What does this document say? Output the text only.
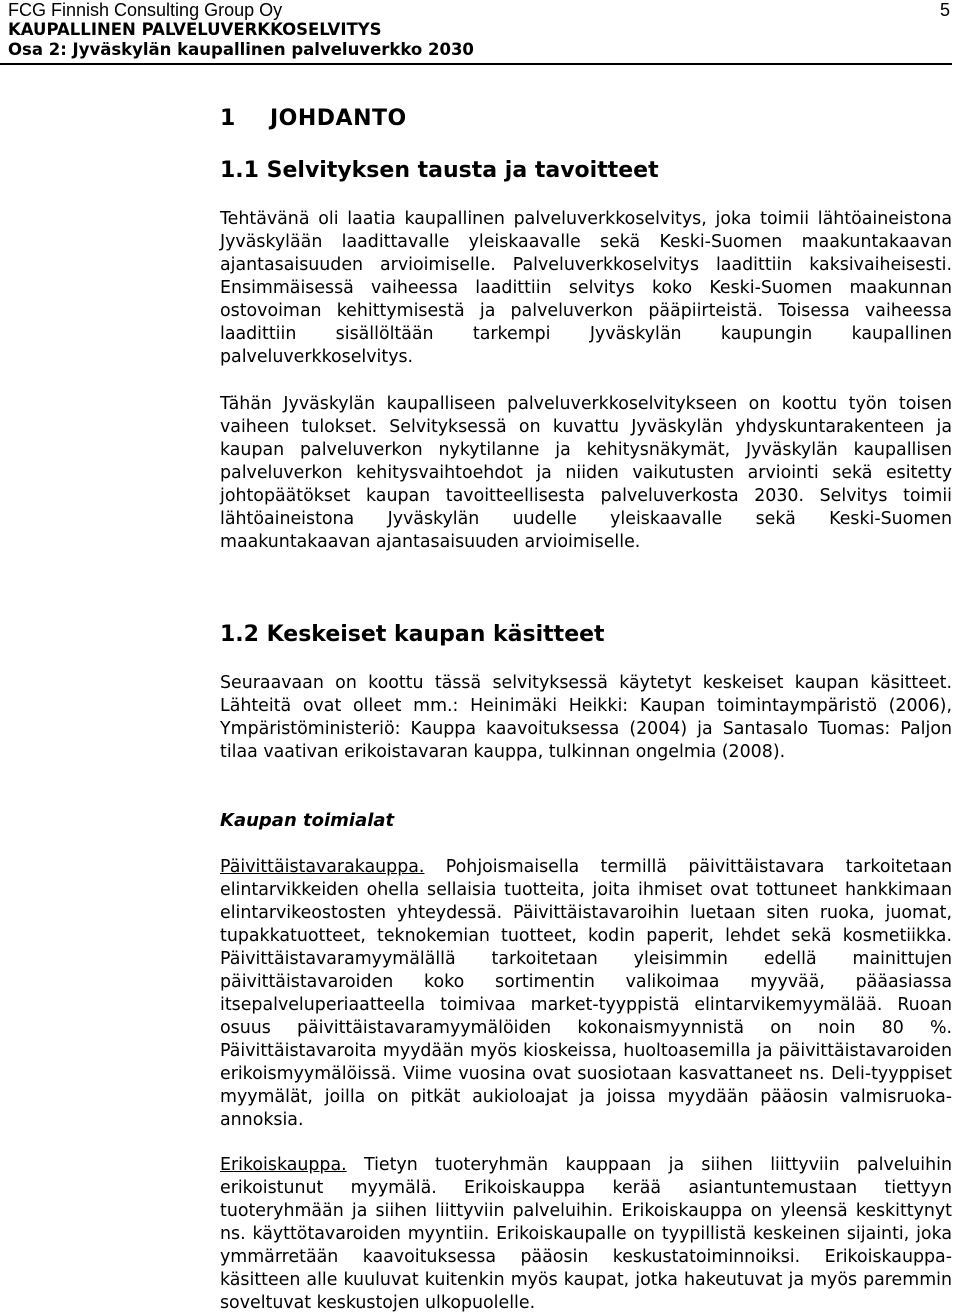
FCG Finnish Consulting Group Oy
KAUPALLINEN PALVELUVERKKOSELVITYS
Osa 2: Jyväskylän kaupallinen palveluverkko 2030
5
1 JOHDANTO
1.1 Selvityksen tausta ja tavoitteet

Tehtävänä oli laatia kaupallinen palveluverkkoselvitys, joka toimii lähtöaineistona Jyväskylään laadittavalle yleiskaavalle sekä Keski-Suomen maakuntakaavan ajantasaisuuden arvioimiselle. Palveluverkkoselvitys laadittiin kaksivaiheisesti. Ensimmäisessä vaiheessa laadittiin selvitys koko Keski-Suomen maakunnan ostovoiman kehittymisestä ja palveluverkon pääpiirteistä. Toisessa vaiheessa laadittiin sisällöltään tarkempi Jyväskylän kaupungin kaupallinen palveluverkkoselvitys.

Tähän Jyväskylän kaupalliseen palveluverkkoselvitykseen on koottu työn toisen vaiheen tulokset. Selvityksessä on kuvattu Jyväskylän yhdyskuntarakenteen ja kaupan palveluverkon nykytilanne ja kehitysnäkymät, Jyväskylän kaupallisen palveluverkon kehitysvaihtoehdot ja niiden vaikutusten arviointi sekä esitetty johtopäätökset kaupan tavoitteellisesta palveluverkosta 2030. Selvitys toimii lähtöaineistona Jyväskylän uudelle yleiskaavalle sekä Keski-Suomen maakuntakaavan ajantasaisuuden arvioimiselle.

1.2 Keskeiset kaupan käsitteet

Seuraavaan on koottu tässä selvityksessä käytetyt keskeiset kaupan käsitteet. Lähteitä ovat olleet mm.: Heinimäki Heikki: Kaupan toimintaympäristö (2006), Ympäristöministeriö: Kauppa kaavoituksessa (2004) ja Santasalo Tuomas: Paljon tilaa vaativan erikoistavaran kauppa, tulkinnan ongelmia (2008).

Kaupan toimialat

Päivittäistavarakauppa. Pohjoismaisella termillä päivittäistavara tarkoitetaan elintarvikkeiden ohella sellaisia tuotteita, joita ihmiset ovat tottuneet hankkimaan elintarvikeostosten yhteydessä. Päivittäistavaroihin luetaan siten ruoka, juomat, tupakkatuotteet, teknokemian tuotteet, kodin paperit, lehdet sekä kosmetiikka. Päivittäistavaramyymälällä tarkoitetaan yleisimmin edellä mainittujen päivittäistavaroiden koko sortimentin valikoimaa myyvää, pääasiassa itsepalveluperiaatteella toimivaa market-tyyppistä elintarvikemyymälää. Ruoan osuus päivittäistavaramyymälöiden kokonaismyynnistä on noin 80 %. Päivittäistavaroita myydään myös kioskeissa, huoltoasemilla ja päivittäistavaroiden erikoismyymälöissä. Viime vuosina ovat suosiotaan kasvattaneet ns. Deli-tyyppiset myymälät, joilla on pitkät aukioloajat ja joissa myydään pääosin valmisruoka-annoksia.

Erikoiskauppa. Tietyn tuoteryhmän kauppaan ja siihen liittyviin palveluihin erikoistunut myymälä. Erikoiskauppa kerää asiantuntemustaan tiettyyn tuoteryhmään ja siihen liittyviin palveluihin. Erikoiskauppa on yleensä keskittynyt ns. käyttötavaroiden myyntiin. Erikoiskaupalle on tyypillistä keskeinen sijainti, joka ymmärretään kaavoituksessa pääosin keskustatoiminnoiksi. Erikoiskauppa-käsitteen alle kuuluvat kuitenkin myös kaupat, jotka hakeutuvat ja myös paremmin soveltuvat keskustojen ulkopuolelle.
